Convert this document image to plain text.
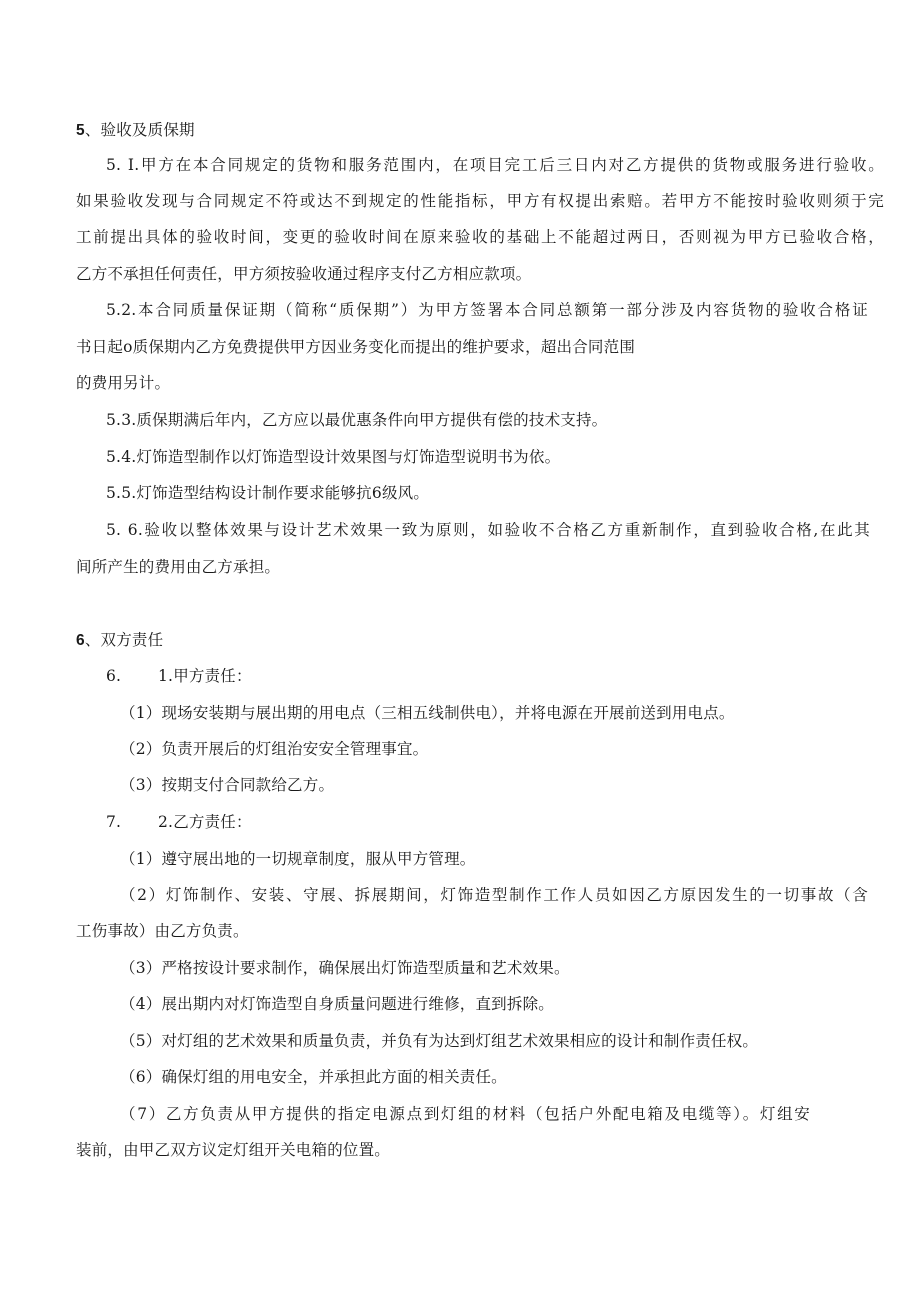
5、验收及质保期
5. I.甲方在本合同规定的货物和服务范围内，在项目完工后三日内对乙方提供的货物或服务进行验收。
如果验收发现与合同规定不符或达不到规定的性能指标，甲方有权提出索赔。若甲方不能按时验收则须于完
工前提出具体的验收时间，变更的验收时间在原来验收的基础上不能超过两日，否则视为甲方已验收合格，
乙方不承担任何责任，甲方须按验收通过程序支付乙方相应款项。
5.2.本合同质量保证期（简称“质保期”）为甲方签署本合同总额第一部分涉及内容货物的验收合格证
书日起o质保期内乙方免费提供甲方因业务变化而提出的维护要求，超出合同范围
的费用另计。
5.3.质保期满后年内，乙方应以最优惠条件向甲方提供有偿的技术支持。
5.4.灯饰造型制作以灯饰造型设计效果图与灯饰造型说明书为依。
5.5.灯饰造型结构设计制作要求能够抗6级风。
5. 6.验收以整体效果与设计艺术效果一致为原则，如验收不合格乙方重新制作，直到验收合格,在此其
间所产生的费用由乙方承担。
6、双方责任
6. 1.甲方责任：
（1）现场安装期与展出期的用电点（三相五线制供电），并将电源在开展前送到用电点。
（2）负责开展后的灯组治安安全管理事宜。
（3）按期支付合同款给乙方。
7. 2.乙方责任：
（1）遵守展出地的一切规章制度，服从甲方管理。
（2）灯饰制作、安装、守展、拆展期间，灯饰造型制作工作人员如因乙方原因发生的一切事故（含
工伤事故）由乙方负责。
（3）严格按设计要求制作，确保展出灯饰造型质量和艺术效果。
（4）展出期内对灯饰造型自身质量问题进行维修，直到拆除。
（5）对灯组的艺术效果和质量负责，并负有为达到灯组艺术效果相应的设计和制作责任权。
（6）确保灯组的用电安全，并承担此方面的相关责任。
（7）乙方负责从甲方提供的指定电源点到灯组的材料（包括户外配电箱及电缆等）。灯组安
装前，由甲乙双方议定灯组开关电箱的位置。
